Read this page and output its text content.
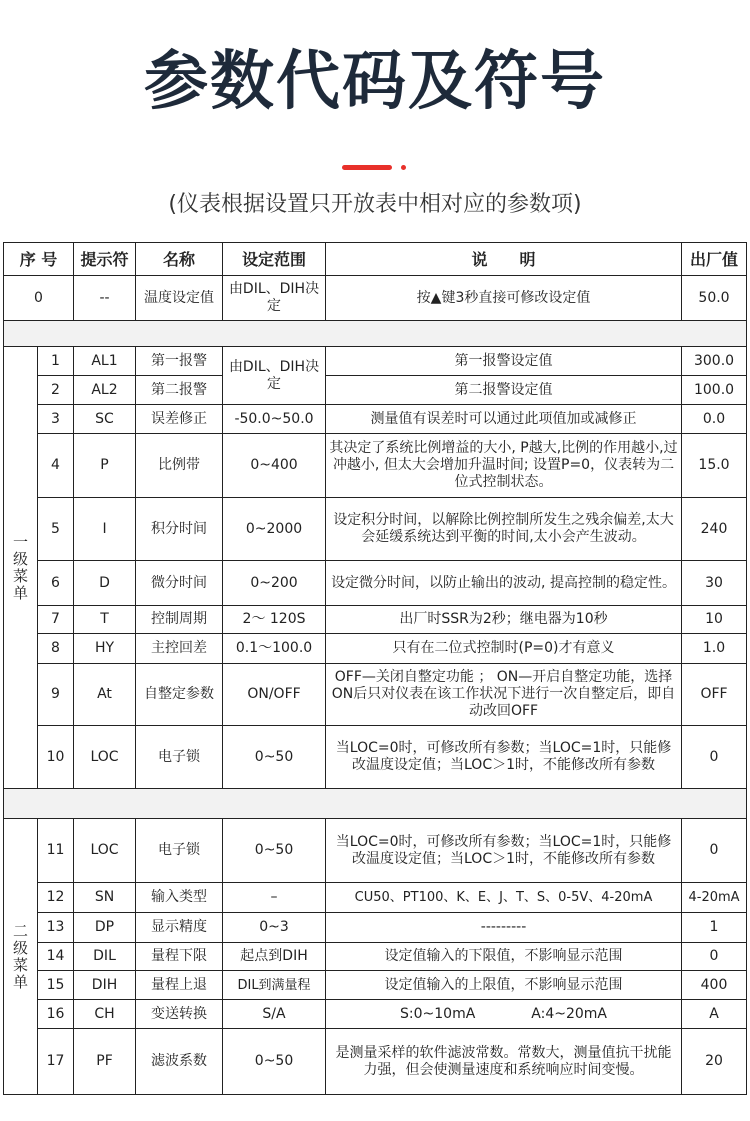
参数代码及符号
(仪表根据设置只开放表中相对应的参数项)
序 号		提示符	名称	设定范围	说　　明	出厂值
0		--	温度设定值	由DIL、DIH决定	按▲键3秒直接可修改设定值	50.0

一
级
菜
单	1	AL1	第一报警	由DIL、DIH决定	第一报警设定值	300.0
	2	AL2	第二报警		第二报警设定值	100.0
	3	SC	误差修正	-50.0~50.0	测量值有误差时可以通过此项值加或减修正	0.0
	4	P	比例带	0~400	其决定了系统比例增益的大小, P越大,比例的作用越小,过冲越小, 但太大会增加升温时间; 设置P=0，仪表转为二位式控制状态。	15.0
	5	I	积分时间	0~2000	设定积分时间，以解除比例控制所发生之残余偏差,太大会延缓系统达到平衡的时间,太小会产生波动。	240
	6	D	微分时间	0~200	设定微分时间，以防止输出的波动, 提高控制的稳定性。	30
	7	T	控制周期	2～ 120S	出厂时SSR为2秒；继电器为10秒	10
	8	HY	主控回差	0.1～100.0	只有在二位式控制时(P=0)才有意义	1.0
	9	At	自整定参数	ON/OFF	OFF—关闭自整定功能 ； ON—开启自整定功能，选择ON后只对仪表在该工作状况下进行一次自整定后，即自动改回OFF	OFF
	10	LOC	电子锁	0~50	当LOC=0时，可修改所有参数；当LOC=1时，只能修改温度设定值；当LOC＞1时，不能修改所有参数	0

二
级
菜
单	11	LOC	电子锁	0~50	当LOC=0时，可修改所有参数；当LOC=1时，只能修改温度设定值；当LOC＞1时，不能修改所有参数	0
	12	SN	输入类型	–	CU50、PT100、K、E、J、T、S、0-5V、4-20mA	4-20mA
	13	DP	显示精度	0~3	---------	1
	14	DIL	量程下限	起点到DIH	设定值输入的下限值，不影响显示范围	0
	15	DIH	量程上退	DIL到满量程	设定值输入的上限值，不影响显示范围	400
	16	CH	变送转换	S/A	S:0~10mA　　　　A:4~20mA	A
	17	PF	滤波系数	0~50	是测量采样的软件滤波常数。常数大，测量值抗干扰能力强，但会使测量速度和系统响应时间变慢。	20
